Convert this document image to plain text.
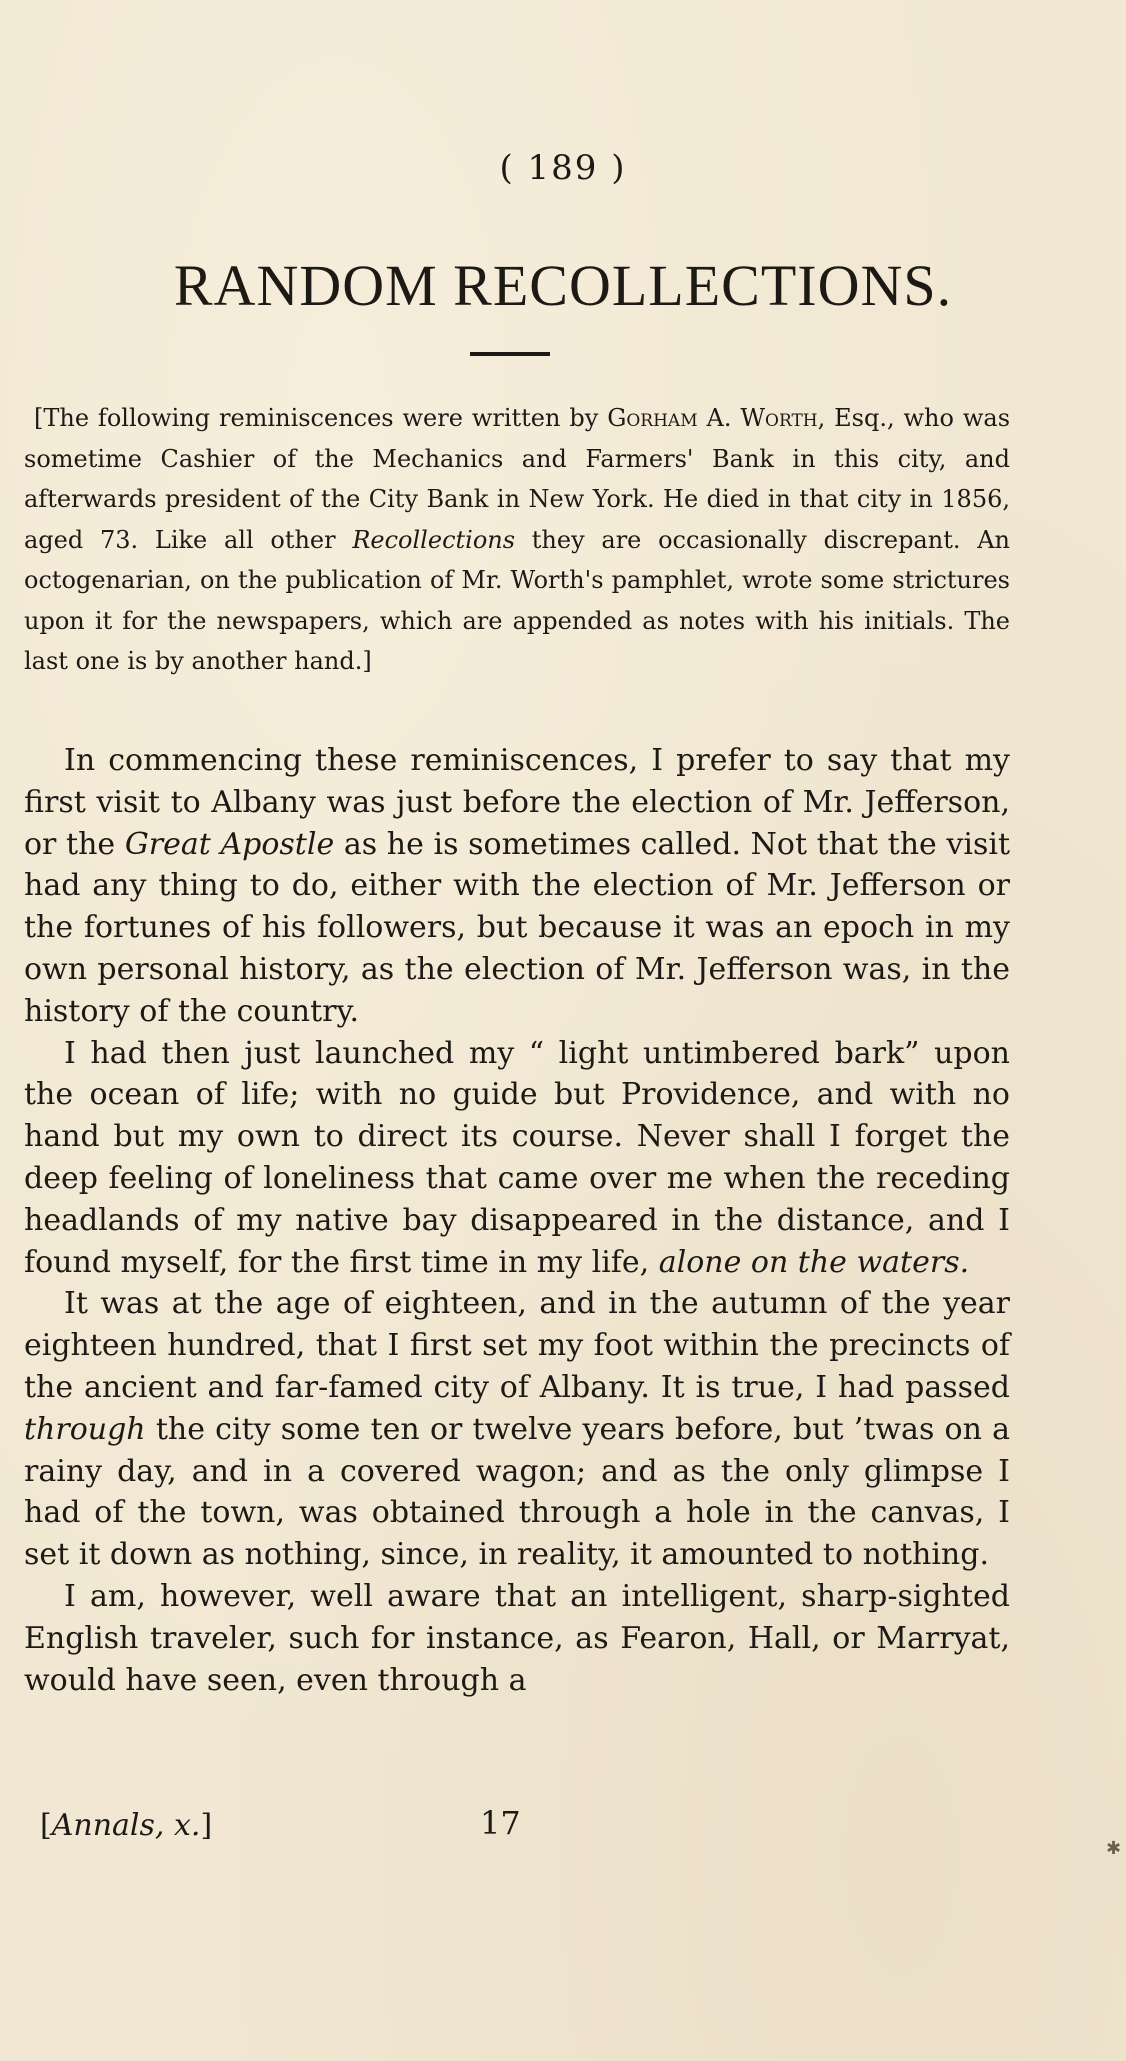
( 189 )
RANDOM RECOLLECTIONS.
[The following reminiscences were written by Gorham A. Worth, Esq., who was sometime Cashier of the Mechanics and Farmers' Bank in this city, and afterwards president of the City Bank in New York. He died in that city in 1856, aged 73. Like all other Recollections they are occasionally discrepant. An octogenarian, on the publication of Mr. Worth's pamphlet, wrote some strictures upon it for the newspapers, which are appended as notes with his initials. The last one is by another hand.]

In commencing these reminiscences, I prefer to say that my first visit to Albany was just before the election of Mr. Jefferson, or the Great Apostle as he is sometimes called. Not that the visit had any thing to do, either with the election of Mr. Jefferson or the fortunes of his followers, but because it was an epoch in my own personal history, as the election of Mr. Jefferson was, in the history of the country.

I had then just launched my “ light untimbered bark” upon the ocean of life; with no guide but Providence, and with no hand but my own to direct its course. Never shall I forget the deep feeling of loneliness that came over me when the receding headlands of my native bay disappeared in the distance, and I found myself, for the first time in my life, alone on the waters.

It was at the age of eighteen, and in the autumn of the year eighteen hundred, that I first set my foot within the precincts of the ancient and far-famed city of Albany. It is true, I had passed through the city some ten or twelve years before, but ’twas on a rainy day, and in a covered wagon; and as the only glimpse I had of the town, was obtained through a hole in the canvas, I set it down as nothing, since, in reality, it amounted to nothing.

I am, however, well aware that an intelligent, sharp-sighted English traveler, such for instance, as Fearon, Hall, or Marryat, would have seen, even through a

[Annals, x.]	17
✱
